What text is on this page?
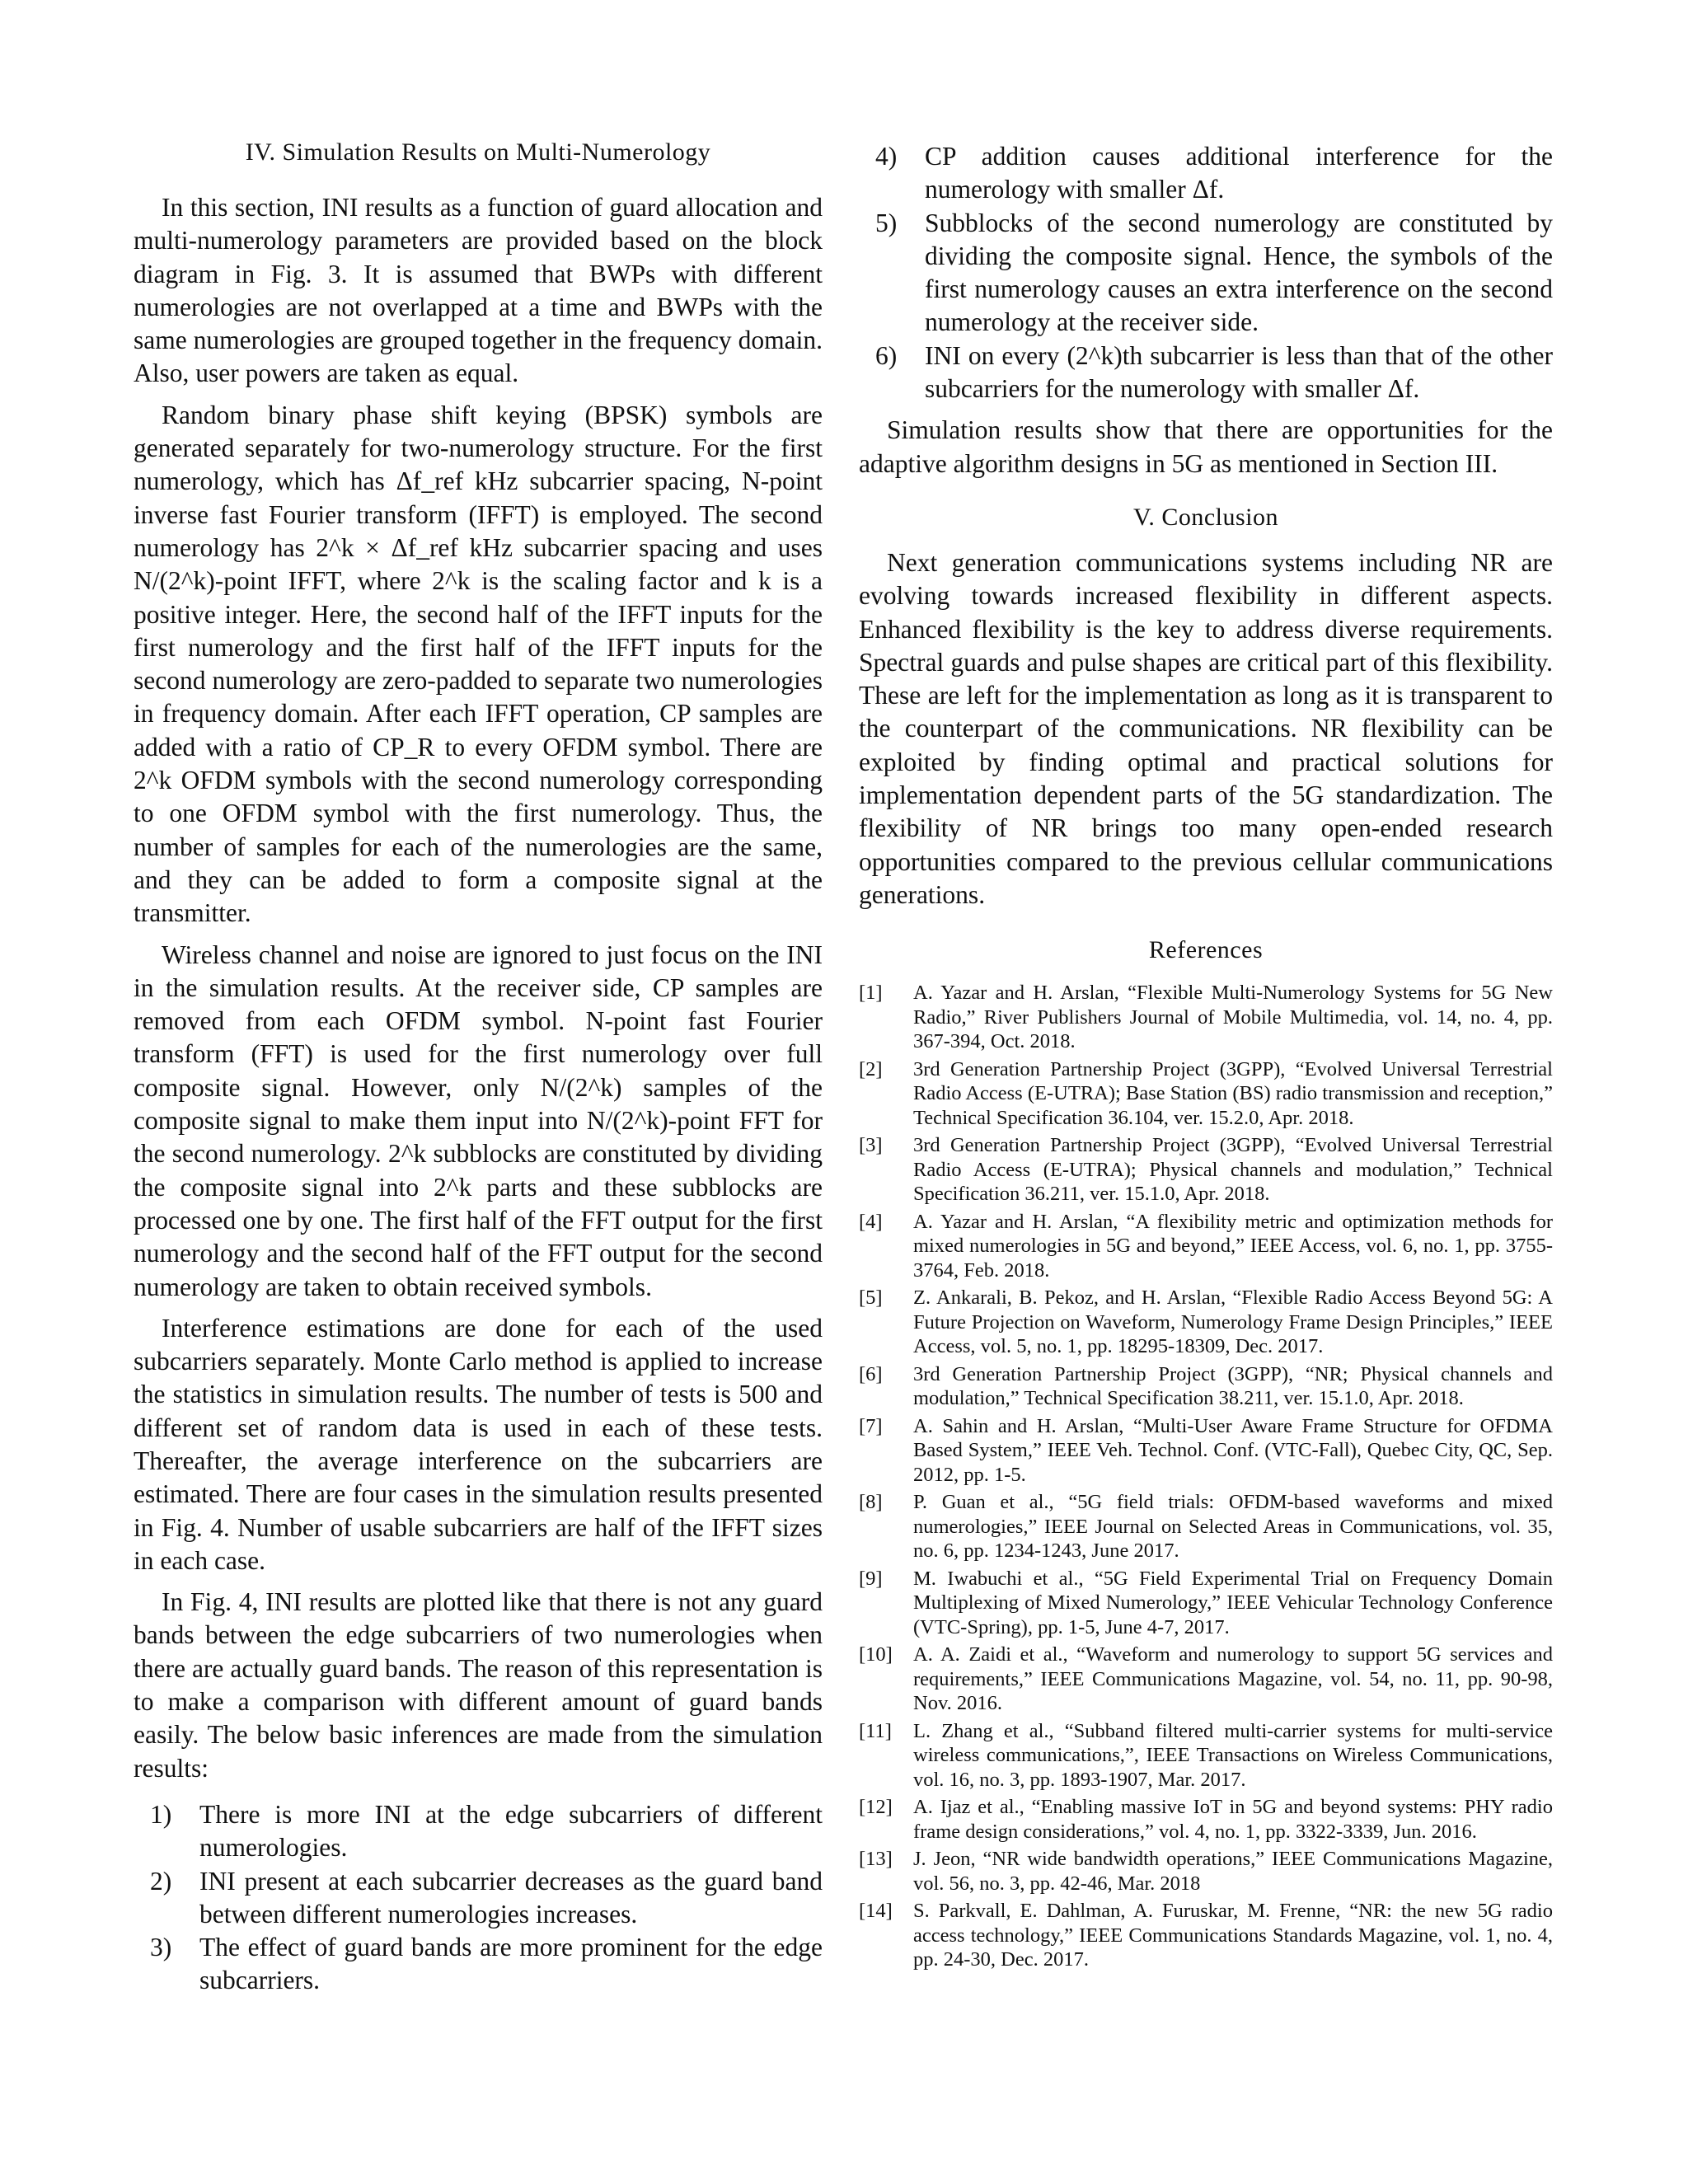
IV. Simulation Results on Multi-Numerology

In this section, INI results as a function of guard allocation and multi-numerology parameters are provided based on the block diagram in Fig. 3. It is assumed that BWPs with different numerologies are not overlapped at a time and BWPs with the same numerologies are grouped together in the frequency domain. Also, user powers are taken as equal.

Random binary phase shift keying (BPSK) symbols are generated separately for two-numerology structure. For the first numerology, which has Δf_ref kHz subcarrier spacing, N-point inverse fast Fourier transform (IFFT) is employed. The second numerology has 2^k × Δf_ref kHz subcarrier spacing and uses N/(2^k)-point IFFT, where 2^k is the scaling factor and k is a positive integer. Here, the second half of the IFFT inputs for the first numerology and the first half of the IFFT inputs for the second numerology are zero-padded to separate two numerologies in frequency domain. After each IFFT operation, CP samples are added with a ratio of CP_R to every OFDM symbol. There are 2^k OFDM symbols with the second numerology corresponding to one OFDM symbol with the first numerology. Thus, the number of samples for each of the numerologies are the same, and they can be added to form a composite signal at the transmitter.

Wireless channel and noise are ignored to just focus on the INI in the simulation results. At the receiver side, CP samples are removed from each OFDM symbol. N-point fast Fourier transform (FFT) is used for the first numerology over full composite signal. However, only N/(2^k) samples of the composite signal to make them input into N/(2^k)-point FFT for the second numerology. 2^k subblocks are constituted by dividing the composite signal into 2^k parts and these subblocks are processed one by one. The first half of the FFT output for the first numerology and the second half of the FFT output for the second numerology are taken to obtain received symbols.

Interference estimations are done for each of the used subcarriers separately. Monte Carlo method is applied to increase the statistics in simulation results. The number of tests is 500 and different set of random data is used in each of these tests. Thereafter, the average interference on the subcarriers are estimated. There are four cases in the simulation results presented in Fig. 4. Number of usable subcarriers are half of the IFFT sizes in each case.

In Fig. 4, INI results are plotted like that there is not any guard bands between the edge subcarriers of two numerologies when there are actually guard bands. The reason of this representation is to make a comparison with different amount of guard bands easily. The below basic inferences are made from the simulation results:

1) There is more INI at the edge subcarriers of different numerologies.
2) INI present at each subcarrier decreases as the guard band between different numerologies increases.
3) The effect of guard bands are more prominent for the edge subcarriers.
4) CP addition causes additional interference for the numerology with smaller Δf.
5) Subblocks of the second numerology are constituted by dividing the composite signal. Hence, the symbols of the first numerology causes an extra interference on the second numerology at the receiver side.
6) INI on every (2^k)th subcarrier is less than that of the other subcarriers for the numerology with smaller Δf.

Simulation results show that there are opportunities for the adaptive algorithm designs in 5G as mentioned in Section III.

V. Conclusion

Next generation communications systems including NR are evolving towards increased flexibility in different aspects. Enhanced flexibility is the key to address diverse requirements. Spectral guards and pulse shapes are critical part of this flexibility. These are left for the implementation as long as it is transparent to the counterpart of the communications. NR flexibility can be exploited by finding optimal and practical solutions for implementation dependent parts of the 5G standardization. The flexibility of NR brings too many open-ended research opportunities compared to the previous cellular communications generations.

References
[1] A. Yazar and H. Arslan, “Flexible Multi-Numerology Systems for 5G New Radio,” River Publishers Journal of Mobile Multimedia, vol. 14, no. 4, pp. 367-394, Oct. 2018.
[2] 3rd Generation Partnership Project (3GPP), “Evolved Universal Terrestrial Radio Access (E-UTRA); Base Station (BS) radio transmission and reception,” Technical Specification 36.104, ver. 15.2.0, Apr. 2018.
[3] 3rd Generation Partnership Project (3GPP), “Evolved Universal Terrestrial Radio Access (E-UTRA); Physical channels and modulation,” Technical Specification 36.211, ver. 15.1.0, Apr. 2018.
[4] A. Yazar and H. Arslan, “A flexibility metric and optimization methods for mixed numerologies in 5G and beyond,” IEEE Access, vol. 6, no. 1, pp. 3755-3764, Feb. 2018.
[5] Z. Ankarali, B. Pekoz, and H. Arslan, “Flexible Radio Access Beyond 5G: A Future Projection on Waveform, Numerology Frame Design Principles,” IEEE Access, vol. 5, no. 1, pp. 18295-18309, Dec. 2017.
[6] 3rd Generation Partnership Project (3GPP), “NR; Physical channels and modulation,” Technical Specification 38.211, ver. 15.1.0, Apr. 2018.
[7] A. Sahin and H. Arslan, “Multi-User Aware Frame Structure for OFDMA Based System,” IEEE Veh. Technol. Conf. (VTC-Fall), Quebec City, QC, Sep. 2012, pp. 1-5.
[8] P. Guan et al., “5G field trials: OFDM-based waveforms and mixed numerologies,” IEEE Journal on Selected Areas in Communications, vol. 35, no. 6, pp. 1234-1243, June 2017.
[9] M. Iwabuchi et al., “5G Field Experimental Trial on Frequency Domain Multiplexing of Mixed Numerology,” IEEE Vehicular Technology Conference (VTC-Spring), pp. 1-5, June 4-7, 2017.
[10] A. A. Zaidi et al., “Waveform and numerology to support 5G services and requirements,” IEEE Communications Magazine, vol. 54, no. 11, pp. 90-98, Nov. 2016.
[11] L. Zhang et al., “Subband filtered multi-carrier systems for multi-service wireless communications,”, IEEE Transactions on Wireless Communications, vol. 16, no. 3, pp. 1893-1907, Mar. 2017.
[12] A. Ijaz et al., “Enabling massive IoT in 5G and beyond systems: PHY radio frame design considerations,” vol. 4, no. 1, pp. 3322-3339, Jun. 2016.
[13] J. Jeon, “NR wide bandwidth operations,” IEEE Communications Magazine, vol. 56, no. 3, pp. 42-46, Mar. 2018
[14] S. Parkvall, E. Dahlman, A. Furuskar, M. Frenne, “NR: the new 5G radio access technology,” IEEE Communications Standards Magazine, vol. 1, no. 4, pp. 24-30, Dec. 2017.
